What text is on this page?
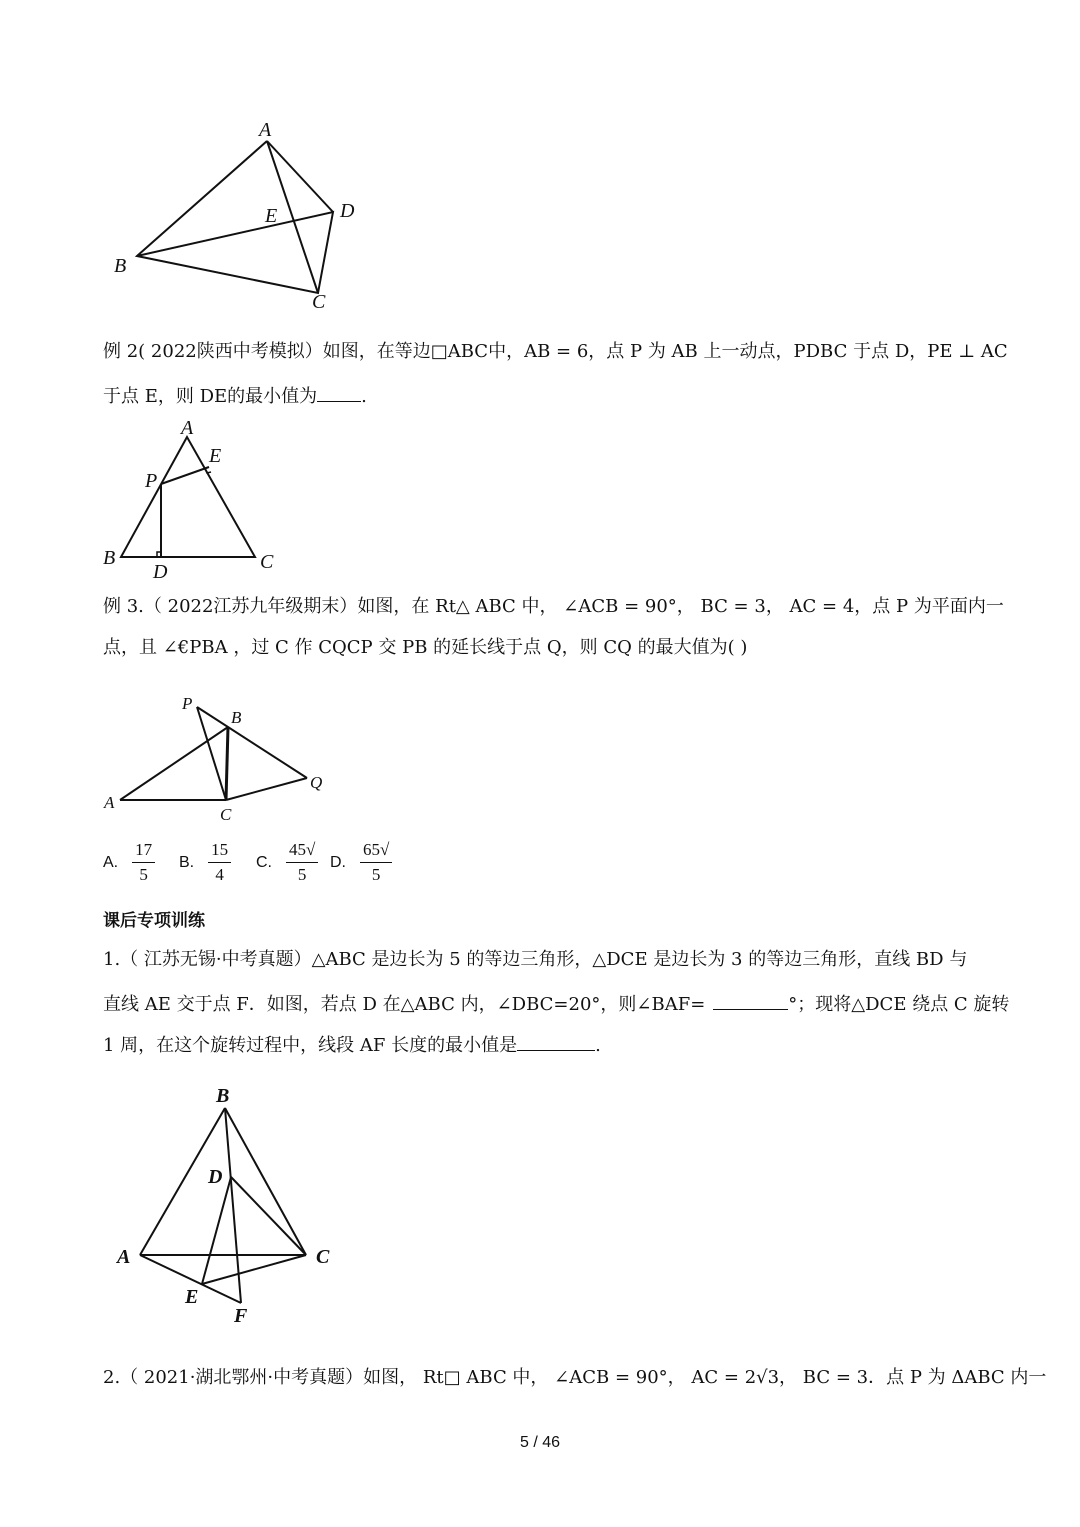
A
E	D
B
C
例 2( 2022陕西中考模拟）如图，在等边□ABC中，AB = 6，点 P 为 AB 上一动点，PDBC 于点 D，PE ⊥ AC
于点 E，则 DE的最小值为 .
A
E
P
B
D	C
例 3.（ 2022江苏九年级期末）如图，在 Rt△ ABC 中， ∠ACB = 90°， BC = 3， AC = 4，点 P 为平面内一
点，且 ∠€PBA ，过 C 作 CQCP 交 PB 的延长线于点 Q，则 CQ 的最大值为( )
P
B
Q
A
C
A. $\frac{17}{5} B$. $\frac{15}{4} C$. $\frac{45√}{5} D$. $\frac{65√}{5}$
课后专项训练
1.（ 江苏无锡·中考真题）△ABC 是边长为 5 的等边三角形，△DCE 是边长为 3 的等边三角形，直线 BD 与
直线 AE 交于点 F．如图，若点 D 在△ABC 内，∠DBC=20°，则∠BAF=	°；现将△DCE 绕点 C 旋转
1 周，在这个旋转过程中，线段 AF 长度的最小值是	.
B
D
A	C
E
F
2.（ 2021·湖北鄂州·中考真题）如图， Rt□ ABC 中， ∠ACB = 90°， AC = 2√3， BC = 3．点 P 为 ΔABC 内一
5 / 46
